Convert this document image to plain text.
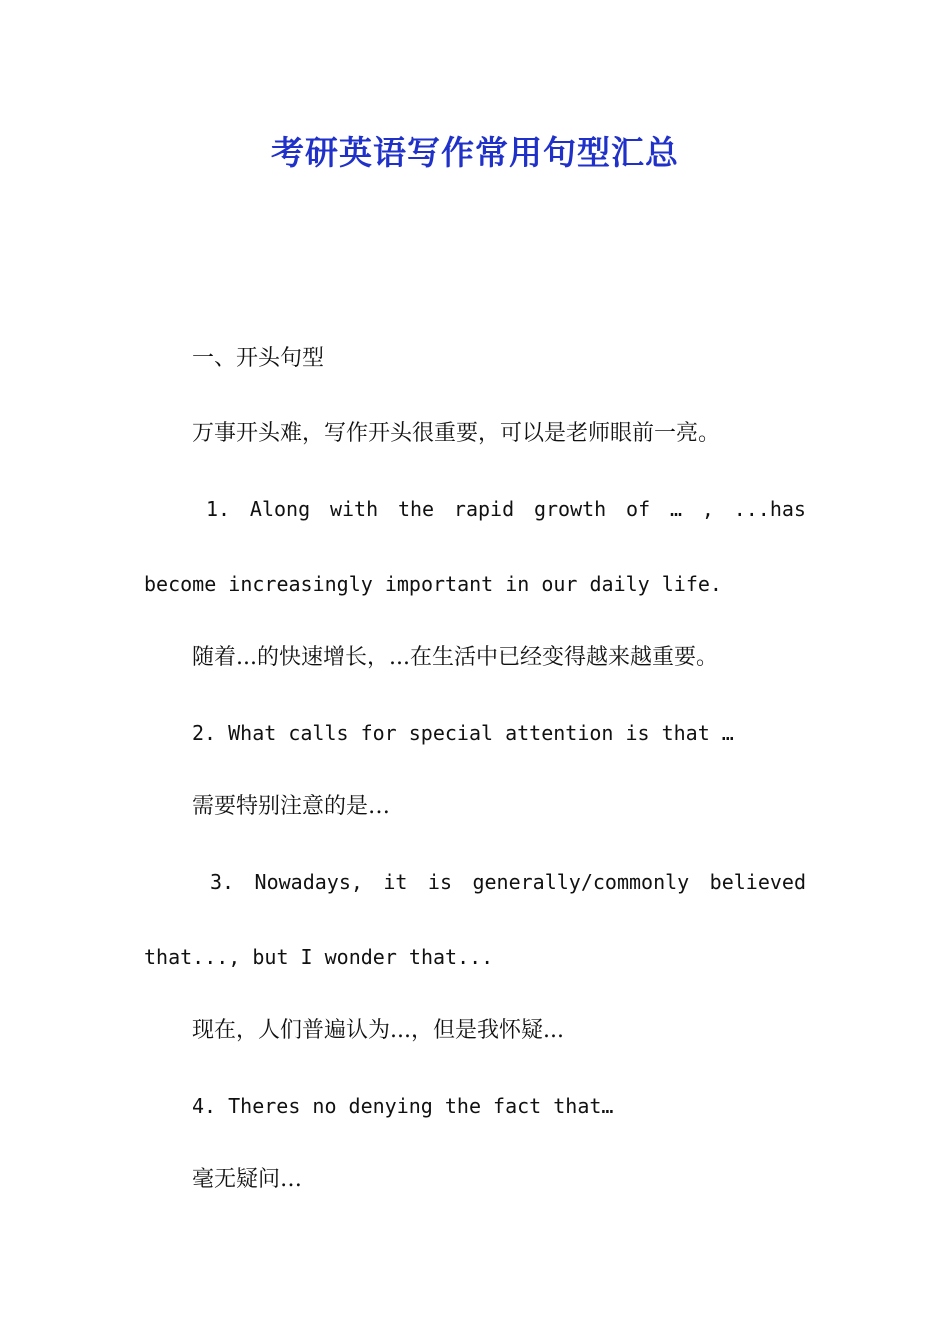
考研英语写作常用句型汇总
一、开头句型
万事开头难，写作开头很重要，可以是老师眼前一亮。
1. Along with the rapid growth of … , ...has
become increasingly important in our daily life.
随着...的快速增长，...在生活中已经变得越来越重要。
2. What calls for special attention is that …
需要特别注意的是…
3. Nowadays, it is generally/commonly believed
that..., but I wonder that...
现在，人们普遍认为...，但是我怀疑...
4. Theres no denying the fact that…
毫无疑问…
